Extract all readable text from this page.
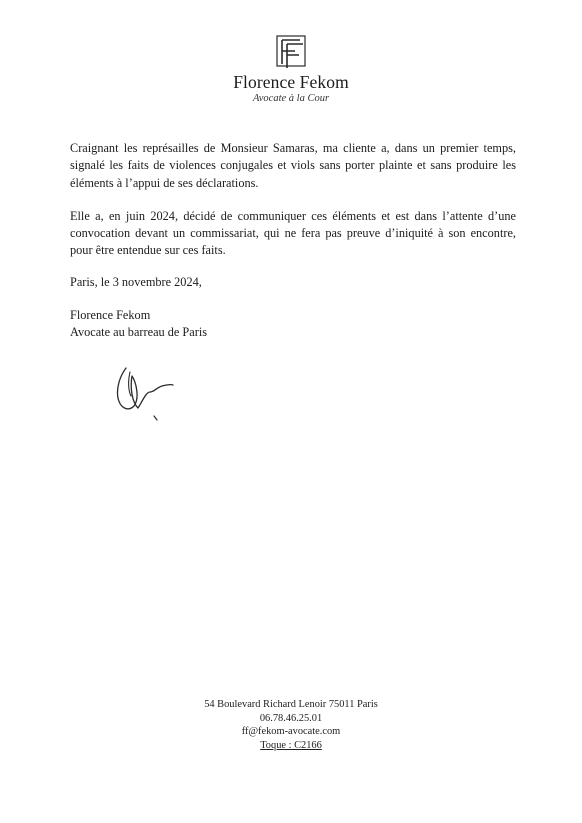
Florence Fekom
Avocate à la Cour

Craignant les représailles de Monsieur Samaras, ma cliente a, dans un premier temps, signalé les faits de violences conjugales et viols sans porter plainte et sans produire les éléments à l’appui de ses déclarations.

Elle a, en juin 2024, décidé de communiquer ces éléments et est dans l’attente d’une convocation devant un commissariat, qui ne fera pas preuve d’iniquité à son encontre, pour être entendue sur ces faits.

Paris, le 3 novembre 2024,
Florence Fekom
Avocate au barreau de Paris
54 Boulevard Richard Lenoir 75011 Paris
06.78.46.25.01
ff@fekom-avocate.com
Toque : C2166
